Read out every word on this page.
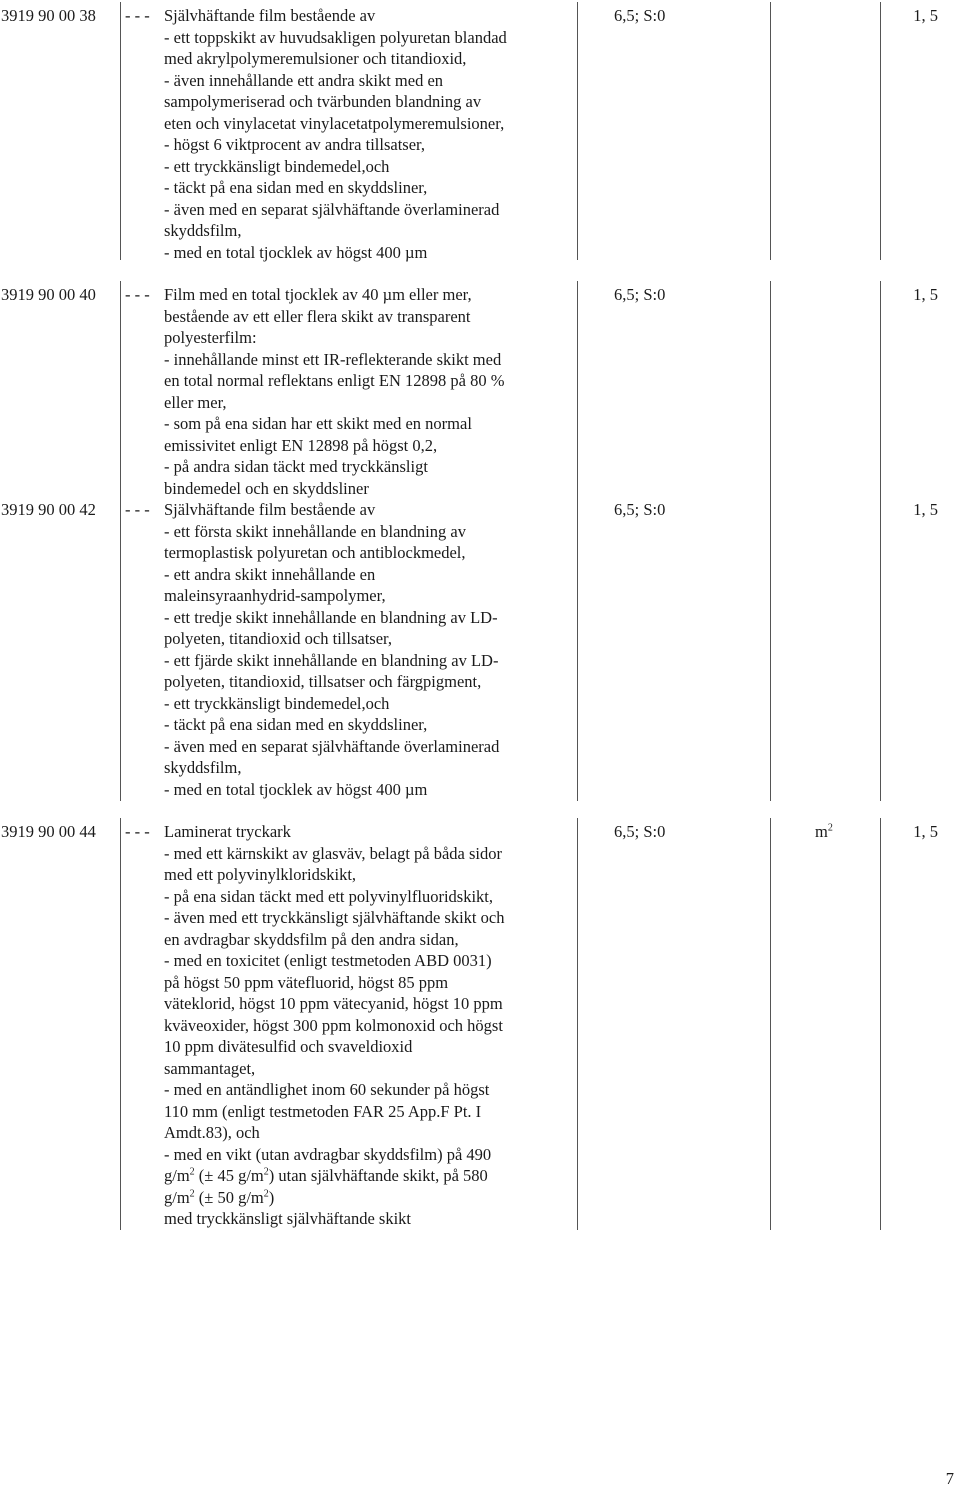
3919 90 00 38 - - - Självhäftande film bestående av
- ett toppskikt av huvudsakligen polyuretan blandad
med akrylpolymeremulsioner och titandioxid,
- även innehållande ett andra skikt med en
sampolymeriserad och tvärbunden blandning av
eten och vinylacetat vinylacetatpolymeremulsioner,
- högst 6 viktprocent av andra tillsatser,
- ett tryckkänsligt bindemedel,och
- täckt på ena sidan med en skyddsliner,
- även med en separat självhäftande överlaminerad
skyddsfilm,
- med en total tjocklek av högst 400 µm
6,5; S:0	1, 5
3919 90 00 40 - - - Film med en total tjocklek av 40 µm eller mer,
bestående av ett eller flera skikt av transparent
polyesterfilm:
- innehållande minst ett IR-reflekterande skikt med
en total normal reflektans enligt EN 12898 på 80 %
eller mer,
- som på ena sidan har ett skikt med en normal
emissivitet enligt EN 12898 på högst 0,2,
- på andra sidan täckt med tryckkänsligt
bindemedel och en skyddsliner
6,5; S:0	1, 5
3919 90 00 42 - - - Självhäftande film bestående av
- ett första skikt innehållande en blandning av
termoplastisk polyuretan och antiblockmedel,
- ett andra skikt innehållande en
maleinsyraanhydrid-sampolymer,
- ett tredje skikt innehållande en blandning av LD-
polyeten, titandioxid och tillsatser,
- ett fjärde skikt innehållande en blandning av LD-
polyeten, titandioxid, tillsatser och färgpigment,
- ett tryckkänsligt bindemedel,och
- täckt på ena sidan med en skyddsliner,
- även med en separat självhäftande överlaminerad
skyddsfilm,
- med en total tjocklek av högst 400 µm
6,5; S:0	1, 5
3919 90 00 44 - - - Laminerat tryckark
- med ett kärnskikt av glasväv, belagt på båda sidor
med ett polyvinylkloridskikt,
- på ena sidan täckt med ett polyvinylfluoridskikt,
- även med ett tryckkänsligt självhäftande skikt och
en avdragbar skyddsfilm på den andra sidan,
- med en toxicitet (enligt testmetoden ABD 0031)
på högst 50 ppm vätefluorid, högst 85 ppm
väteklorid, högst 10 ppm vätecyanid, högst 10 ppm
kväveoxider, högst 300 ppm kolmonoxid och högst
10 ppm divätesulfid och svaveldioxid
sammantaget,
- med en antändlighet inom 60 sekunder på högst
110 mm (enligt testmetoden FAR 25 App.F Pt. I
Amdt.83), och
- med en vikt (utan avdragbar skyddsfilm) på 490
$g/m^2$ (± 45 $g/m^2$) utan självhäftande skikt, på 580
$g/m^2$ (± 50 $g/m^2$)
med tryckkänsligt självhäftande skikt
6,5; S:0	$m^2$	1, 5
7
